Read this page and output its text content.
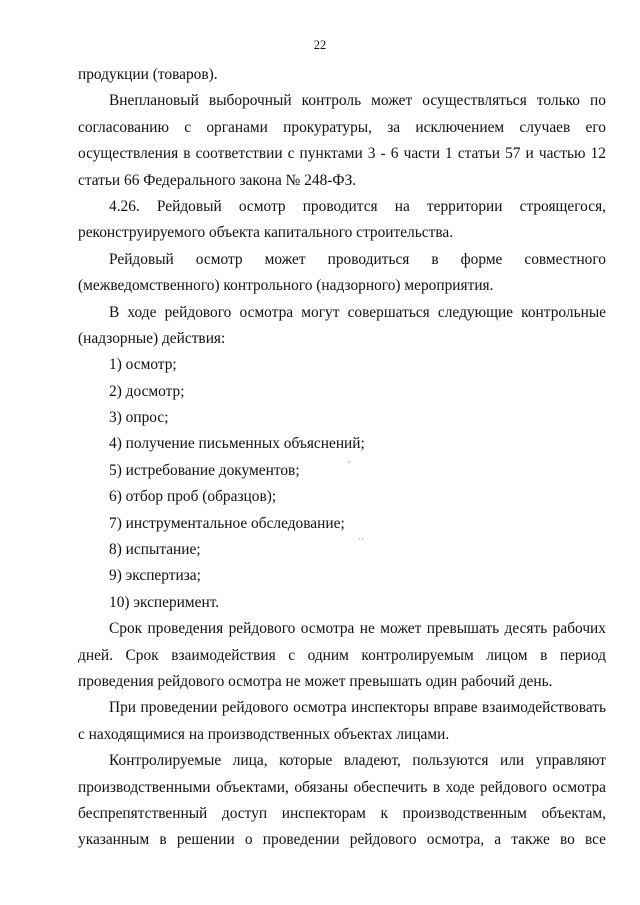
22
продукции (товаров).
Внеплановый выборочный контроль может осуществляться только по
согласованию с органами прокуратуры, за исключением случаев его
осуществления в соответствии с пунктами 3 - 6 части 1 статьи 57 и частью 12
статьи 66 Федерального закона № 248-ФЗ.
4.26. Рейдовый осмотр проводится на территории строящегося,
реконструируемого объекта капитального строительства.
Рейдовый осмотр может проводиться в форме совместного
(межведомственного) контрольного (надзорного) мероприятия.
В ходе рейдового осмотра могут совершаться следующие контрольные
(надзорные) действия:
1) осмотр;
2) досмотр;
3) опрос;
4) получение письменных объяснений;
5) истребование документов;
6) отбор проб (образцов);
7) инструментальное обследование;
8) испытание;
9) экспертиза;
10) эксперимент.
Срок проведения рейдового осмотра не может превышать десять рабочих
дней. Срок взаимодействия с одним контролируемым лицом в период
проведения рейдового осмотра не может превышать один рабочий день.
При проведении рейдового осмотра инспекторы вправе взаимодействовать
с находящимися на производственных объектах лицами.
Контролируемые лица, которые владеют, пользуются или управляют
производственными объектами, обязаны обеспечить в ходе рейдового осмотра
беспрепятственный доступ инспекторам к производственным объектам,
указанным в решении о проведении рейдового осмотра, а также во все
ᵛ
··
